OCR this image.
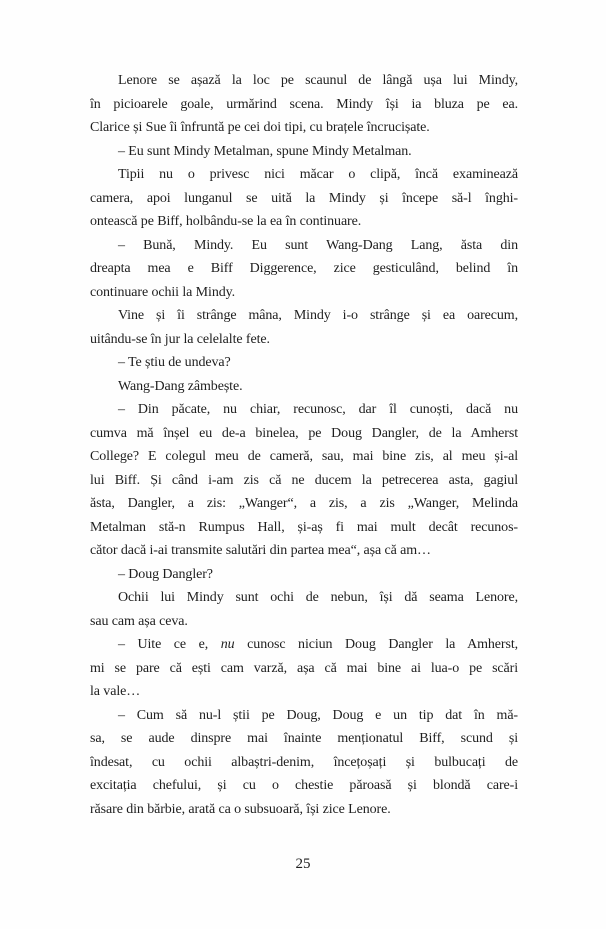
Lenore se așază la loc pe scaunul de lângă ușa lui Mindy,
în picioarele goale, urmărind scena. Mindy își ia bluza pe ea.
Clarice și Sue îi înfruntă pe cei doi tipi, cu brațele încrucișate.
– Eu sunt Mindy Metalman, spune Mindy Metalman.
Tipii nu o privesc nici măcar o clipă, încă examinează
camera, apoi lunganul se uită la Mindy și începe să-l înghi-
ontească pe Biff, holbându-se la ea în continuare.
– Bună, Mindy. Eu sunt Wang-Dang Lang, ăsta din
dreapta mea e Biff Diggerence, zice gesticulând, belind în
continuare ochii la Mindy.
Vine și îi strânge mâna, Mindy i-o strânge și ea oarecum,
uitându-se în jur la celelalte fete.
– Te știu de undeva?
Wang-Dang zâmbește.
– Din păcate, nu chiar, recunosc, dar îl cunoști, dacă nu
cumva mă înșel eu de-a binelea, pe Doug Dangler, de la Amherst
College? E colegul meu de cameră, sau, mai bine zis, al meu și-al
lui Biff. Și când i-am zis că ne ducem la petrecerea asta, gagiul
ăsta, Dangler, a zis: „Wanger“, a zis, a zis „Wanger, Melinda
Metalman stă-n Rumpus Hall, și-aș fi mai mult decât recunos-
cător dacă i-ai transmite salutări din partea mea“, așa că am…
– Doug Dangler?
Ochii lui Mindy sunt ochi de nebun, își dă seama Lenore,
sau cam așa ceva.
– Uite ce e, nu cunosc niciun Doug Dangler la Amherst,
mi se pare că ești cam varză, așa că mai bine ai lua-o pe scări
la vale…
– Cum să nu-l știi pe Doug, Doug e un tip dat în mă-
sa, se aude dinspre mai înainte menționatul Biff, scund și
îndesat, cu ochii albaștri-denim, încețoșați și bulbucați de
excitația chefului, și cu o chestie păroasă și blondă care-i
răsare din bărbie, arată ca o subsuoară, își zice Lenore.
25
